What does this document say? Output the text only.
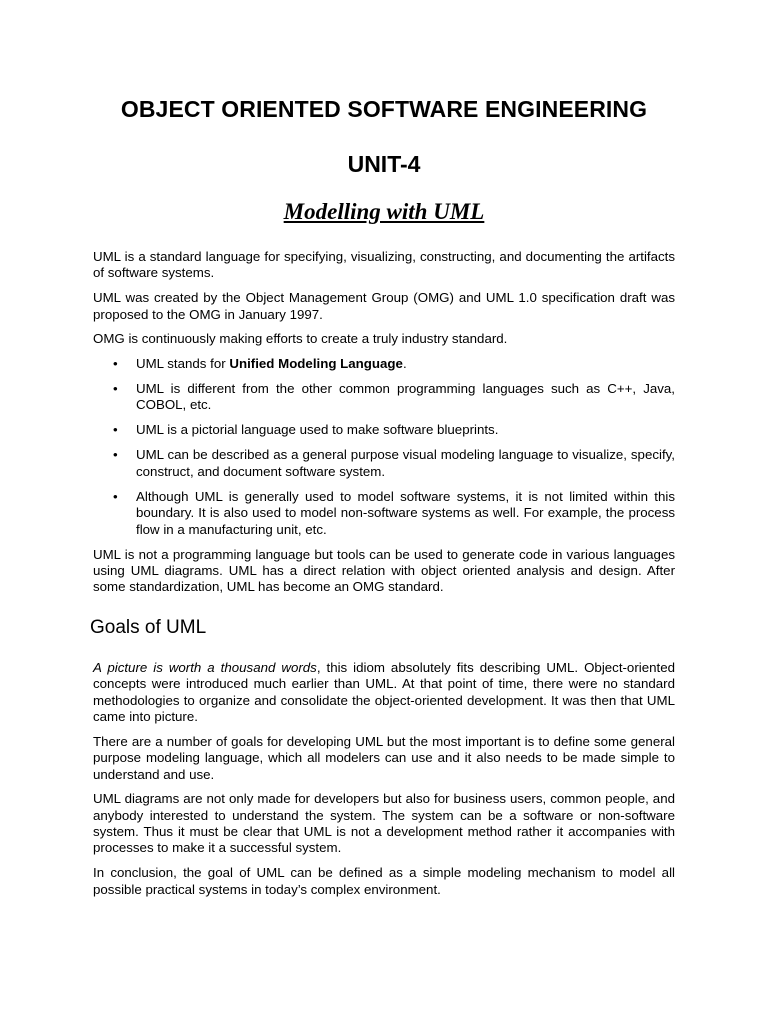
OBJECT ORIENTED SOFTWARE ENGINEERING
UNIT-4
Modelling with UML

UML is a standard language for specifying, visualizing, constructing, and documenting the artifacts of software systems.

UML was created by the Object Management Group (OMG) and UML 1.0 specification draft was proposed to the OMG in January 1997.

OMG is continuously making efforts to create a truly industry standard.

• UML stands for Unified Modeling Language.
• UML is different from the other common programming languages such as C++, Java, COBOL, etc.
• UML is a pictorial language used to make software blueprints.
• UML can be described as a general purpose visual modeling language to visualize, specify, construct, and document software system.
• Although UML is generally used to model software systems, it is not limited within this boundary. It is also used to model non-software systems as well. For example, the process flow in a manufacturing unit, etc.

UML is not a programming language but tools can be used to generate code in various languages using UML diagrams. UML has a direct relation with object oriented analysis and design. After some standardization, UML has become an OMG standard.

Goals of UML

A picture is worth a thousand words, this idiom absolutely fits describing UML. Object-oriented concepts were introduced much earlier than UML. At that point of time, there were no standard methodologies to organize and consolidate the object-oriented development. It was then that UML came into picture.

There are a number of goals for developing UML but the most important is to define some general purpose modeling language, which all modelers can use and it also needs to be made simple to understand and use.

UML diagrams are not only made for developers but also for business users, common people, and anybody interested to understand the system. The system can be a software or non-software system. Thus it must be clear that UML is not a development method rather it accompanies with processes to make it a successful system.

In conclusion, the goal of UML can be defined as a simple modeling mechanism to model all possible practical systems in today’s complex environment.
